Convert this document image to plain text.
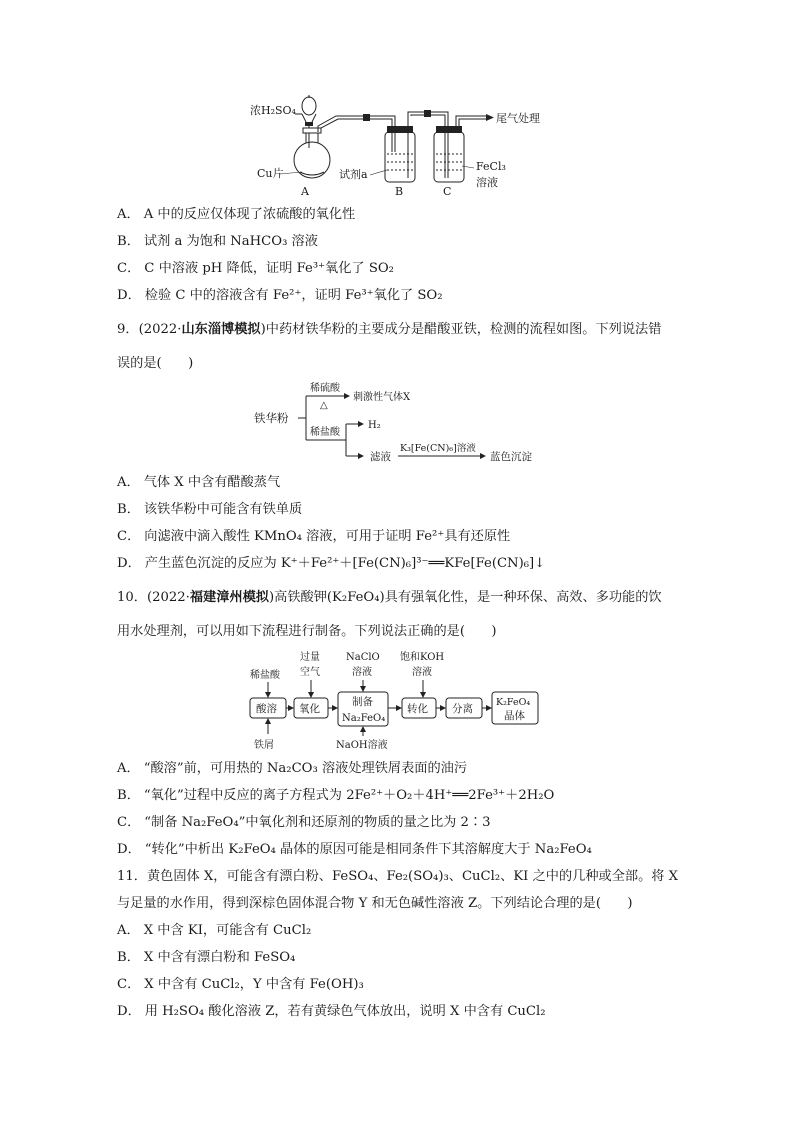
浓H₂SO₄
Cu片
A
试剂a
B	C
尾气处理
FeCl₃
溶液
A． A 中的反应仅体现了浓硫酸的氧化性
B． 试剂 a 为饱和 NaHCO₃ 溶液
C． C 中溶液 pH 降低，证明 Fe³⁺氧化了 SO₂
D． 检验 C 中的溶液含有 Fe²⁺，证明 Fe³⁺氧化了 SO₂
9．(2022·山东淄博模拟)中药材铁华粉的主要成分是醋酸亚铁，检测的流程如图。下列说法错
误的是(　　)
铁华粉
稀硫酸
△
刺激性气体X
稀盐酸
H₂
滤液
K₃[Fe(CN)₆]溶液
蓝色沉淀
A． 气体 X 中含有醋酸蒸气
B． 该铁华粉中可能含有铁单质
C． 向滤液中滴入酸性 KMnO₄ 溶液，可用于证明 Fe²⁺具有还原性
D． 产生蓝色沉淀的反应为 K⁺＋Fe²⁺＋[Fe(CN)₆]³⁻══KFe[Fe(CN)₆]↓
10．(2022·福建漳州模拟)高铁酸钾(K₂FeO₄)具有强氧化性，是一种环保、高效、多功能的饮
用水处理剂，可以用如下流程进行制备。下列说法正确的是(　　)
稀盐酸
过量
空气
NaClO
溶液
饱和KOH
溶液
酸溶 氧化
制备
Na₂FeO₄
转化 分离
K₂FeO₄
晶体
铁屑	NaOH溶液
A． “酸溶”前，可用热的 Na₂CO₃ 溶液处理铁屑表面的油污
B． “氧化”过程中反应的离子方程式为 2Fe²⁺＋O₂＋4H⁺══2Fe³⁺＋2H₂O
C． “制备 Na₂FeO₄”中氧化剂和还原剂的物质的量之比为 2∶3
D． “转化”中析出 K₂FeO₄ 晶体的原因可能是相同条件下其溶解度大于 Na₂FeO₄
11．黄色固体 X，可能含有漂白粉、FeSO₄、Fe₂(SO₄)₃、CuCl₂、KI 之中的几种或全部。将 X
与足量的水作用，得到深棕色固体混合物 Y 和无色碱性溶液 Z。下列结论合理的是(　　)
A． X 中含 KI，可能含有 CuCl₂
B． X 中含有漂白粉和 FeSO₄
C． X 中含有 CuCl₂，Y 中含有 Fe(OH)₃
D． 用 H₂SO₄ 酸化溶液 Z，若有黄绿色气体放出，说明 X 中含有 CuCl₂
